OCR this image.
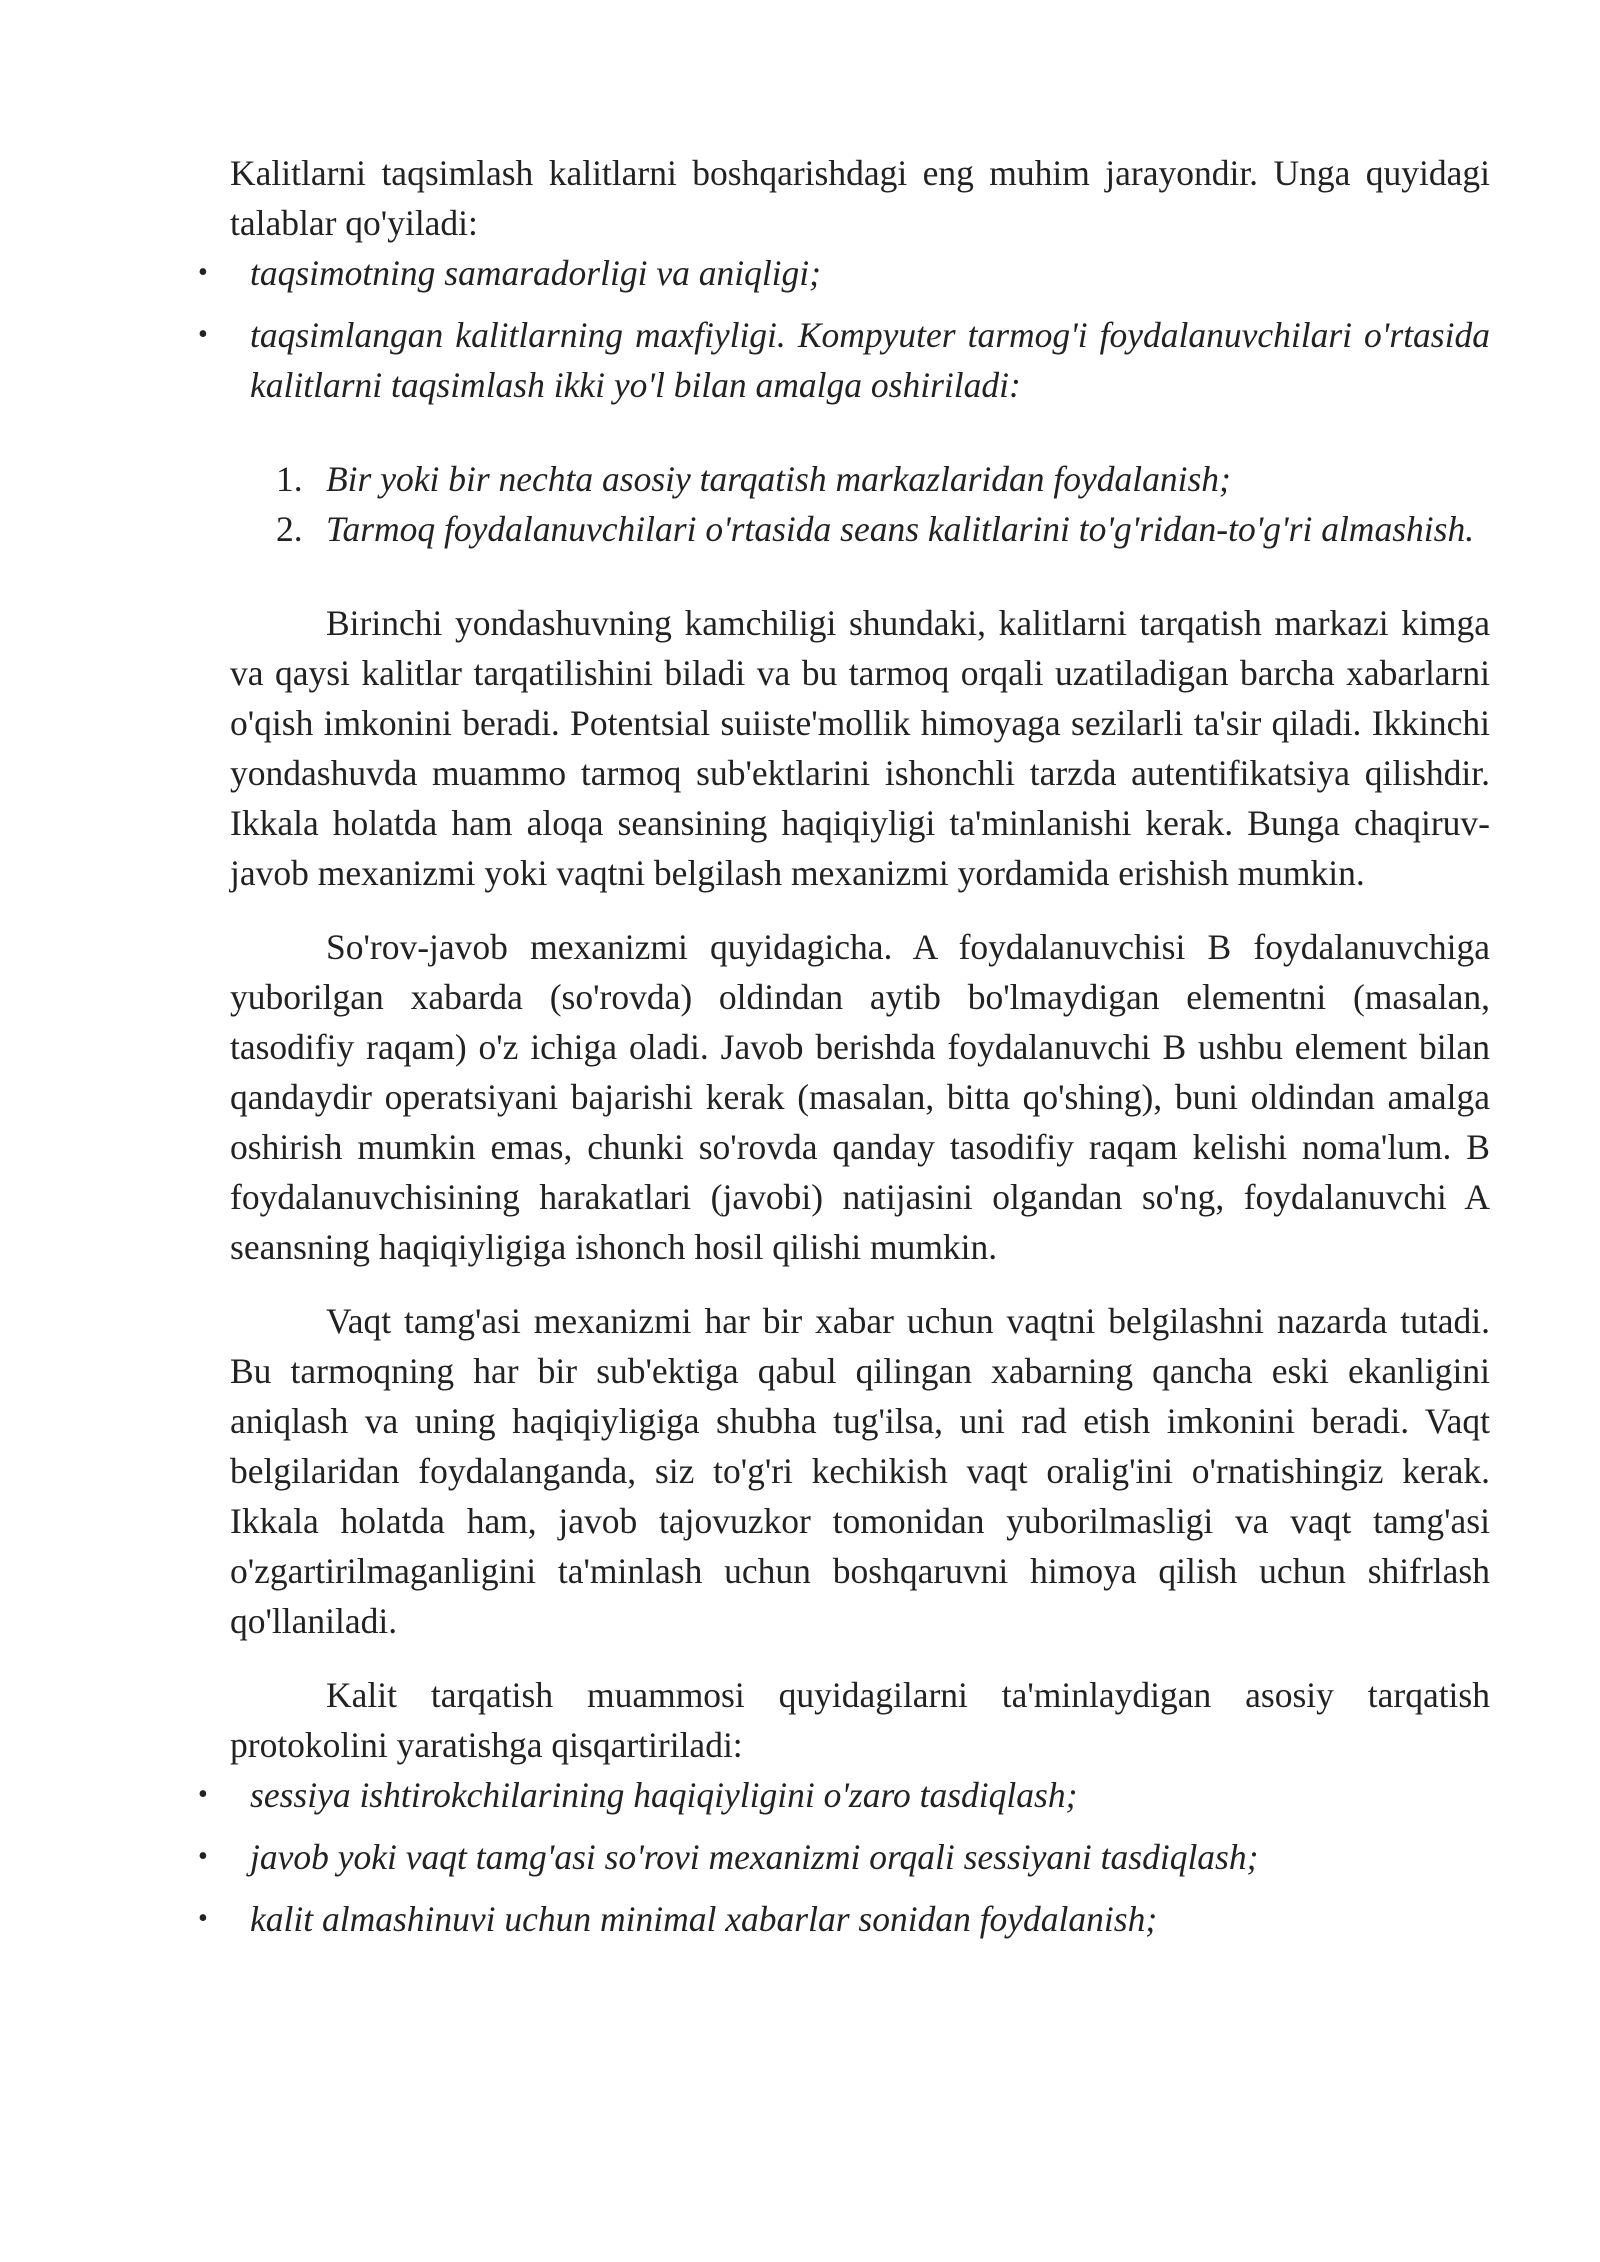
Kalitlarni taqsimlash kalitlarni boshqarishdagi eng muhim jarayondir. Unga quyidagi talablar qo'yiladi:

• taqsimotning samaradorligi va aniqligi;
• taqsimlangan kalitlarning maxfiyligi. Kompyuter tarmog'i foydalanuvchilari o'rtasida kalitlarni taqsimlash ikki yo'l bilan amalga oshiriladi:
1. Bir yoki bir nechta asosiy tarqatish markazlaridan foydalanish;
2. Tarmoq foydalanuvchilari o'rtasida seans kalitlarini to'g'ridan-to'g'ri almashish.

Birinchi yondashuvning kamchiligi shundaki, kalitlarni tarqatish markazi kimga va qaysi kalitlar tarqatilishini biladi va bu tarmoq orqali uzatiladigan barcha xabarlarni o'qish imkonini beradi. Potentsial suiiste'mollik himoyaga sezilarli ta'sir qiladi. Ikkinchi yondashuvda muammo tarmoq sub'ektlarini ishonchli tarzda autentifikatsiya qilishdir. Ikkala holatda ham aloqa seansining haqiqiyligi ta'minlanishi kerak. Bunga chaqiruv-javob mexanizmi yoki vaqtni belgilash mexanizmi yordamida erishish mumkin.

So'rov-javob mexanizmi quyidagicha. A foydalanuvchisi B foydalanuvchiga yuborilgan xabarda (so'rovda) oldindan aytib bo'lmaydigan elementni (masalan, tasodifiy raqam) o'z ichiga oladi. Javob berishda foydalanuvchi B ushbu element bilan qandaydir operatsiyani bajarishi kerak (masalan, bitta qo'shing), buni oldindan amalga oshirish mumkin emas, chunki so'rovda qanday tasodifiy raqam kelishi noma'lum. B foydalanuvchisining harakatlari (javobi) natijasini olgandan so'ng, foydalanuvchi A seansning haqiqiyligiga ishonch hosil qilishi mumkin.

Vaqt tamg'asi mexanizmi har bir xabar uchun vaqtni belgilashni nazarda tutadi. Bu tarmoqning har bir sub'ektiga qabul qilingan xabarning qancha eski ekanligini aniqlash va uning haqiqiyligiga shubha tug'ilsa, uni rad etish imkonini beradi. Vaqt belgilaridan foydalanganda, siz to'g'ri kechikish vaqt oralig'ini o'rnatishingiz kerak. Ikkala holatda ham, javob tajovuzkor tomonidan yuborilmasligi va vaqt tamg'asi o'zgartirilmaganligini ta'minlash uchun boshqaruvni himoya qilish uchun shifrlash qo'llaniladi.

Kalit tarqatish muammosi quyidagilarni ta'minlaydigan asosiy tarqatish protokolini yaratishga qisqartiriladi:

• sessiya ishtirokchilarining haqiqiyligini o'zaro tasdiqlash;
• javob yoki vaqt tamg'asi so'rovi mexanizmi orqali sessiyani tasdiqlash;
• kalit almashinuvi uchun minimal xabarlar sonidan foydalanish;
